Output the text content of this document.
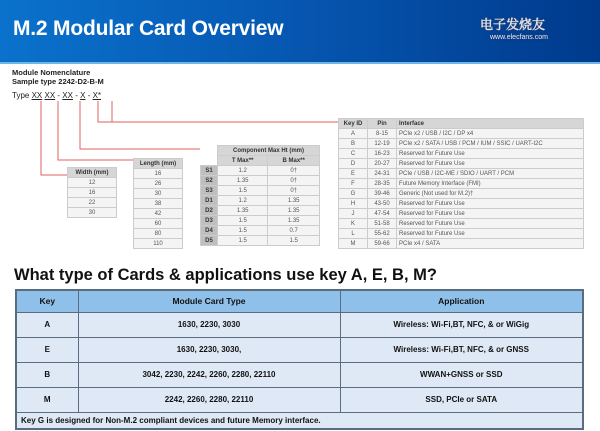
M.2 Modular Card Overview
Module Nomenclature
Sample type 2242-D2-B-M
Type XX XX - XX - X - X*
Width (mm)
12
16
22
30
Length (mm)
16
26
30
38
42
60
80
110
	Component Max Ht (mm)	
	T Max**	B Max**
S1	1.2	0†
S2	1.35	0†
S3	1.5	0†
D1	1.2	1.35
D2	1.35	1.35
D3	1.5	1.35
D4	1.5	0.7
D5	1.5	1.5
Key ID	Pin	Interface
A	8-15	PCIe x2 / USB / I2C / DP x4
B	12-19	PCIe x2 / SATA / USB / PCM / IUM / SSIC / UART-I2C
C	16-23	Reserved for Future Use
D	20-27	Reserved for Future Use
E	24-31	PCIe / USB / I2C-ME / SDIO / UART / PCM
F	28-35	Future Memory Interface (FMI)
G	39-46	Generic (Not used for M.2)†
H	43-50	Reserved for Future Use
J	47-54	Reserved for Future Use
K	51-58	Reserved for Future Use
L	55-62	Reserved for Future Use
M	59-66	PCIe x4 / SATA
What type of Cards & applications use key A, E, B, M?
Key	Module Card Type	Application
A	1630, 2230, 3030	Wireless: Wi-Fi,BT, NFC, & or WiGig
E	1630, 2230, 3030,	Wireless: Wi-Fi,BT, NFC, & or GNSS
B	3042, 2230, 2242, 2260, 2280, 22110	WWAN+GNSS or SSD
M	2242, 2260, 2280, 22110	SSD, PCIe or SATA
Key G is designed for Non-M.2 compliant devices and future Memory interface.		
电子发烧友
www.elecfans.com
